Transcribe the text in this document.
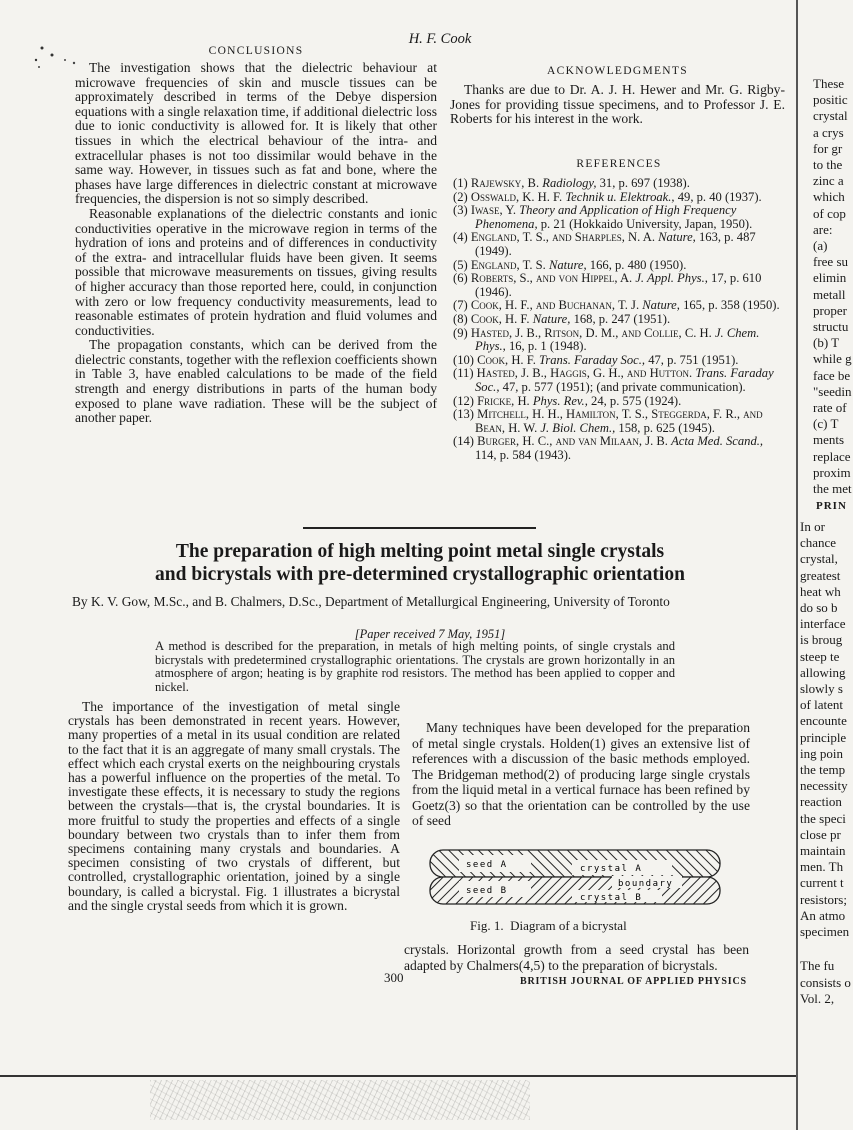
H. F. Cook
CONCLUSIONS

The investigation shows that the dielectric behaviour at microwave frequencies of skin and muscle tissues can be approximately described in terms of the Debye dispersion equations with a single relaxation time, if additional dielectric loss due to ionic conductivity is allowed for. It is likely that other tissues in which the electrical behaviour of the intra- and extracellular phases is not too dissimilar would behave in the same way. However, in tissues such as fat and bone, where the phases have large differences in dielectric constant at microwave frequencies, the dispersion is not so simply described.

Reasonable explanations of the dielectric constants and ionic conductivities operative in the microwave region in terms of the hydration of ions and proteins and of differences in conductivity of the extra- and intracellular fluids have been given. It seems possible that microwave measurements on tissues, giving results of higher accuracy than those reported here, could, in conjunction with zero or low frequency conductivity measurements, lead to reasonable estimates of protein hydration and fluid volumes and conductivities.

The propagation constants, which can be derived from the dielectric constants, together with the reflexion coefficients shown in Table 3, have enabled calculations to be made of the field strength and energy distributions in parts of the human body exposed to plane wave radiation. These will be the subject of another paper.

ACKNOWLEDGMENTS

Thanks are due to Dr. A. J. H. Hewer and Mr. G. Rigby-Jones for providing tissue specimens, and to Professor J. E. Roberts for his interest in the work.

REFERENCES

(1) Rajewsky, B. Radiology, 31, p. 697 (1938).

(2) Osswald, K. H. F. Technik u. Elektroak., 49, p. 40 (1937).

(3) Iwase, Y. Theory and Application of High Frequency Phenomena, p. 21 (Hokkaido University, Japan, 1950).

(4) England, T. S., and Sharples, N. A. Nature, 163, p. 487 (1949).

(5) England, T. S. Nature, 166, p. 480 (1950).

(6) Roberts, S., and von Hippel, A. J. Appl. Phys., 17, p. 610 (1946).

(7) Cook, H. F., and Buchanan, T. J. Nature, 165, p. 358 (1950).

(8) Cook, H. F. Nature, 168, p. 247 (1951).

(9) Hasted, J. B., Ritson, D. M., and Collie, C. H. J. Chem. Phys., 16, p. 1 (1948).

(10) Cook, H. F. Trans. Faraday Soc., 47, p. 751 (1951).

(11) Hasted, J. B., Haggis, G. H., and Hutton. Trans. Faraday Soc., 47, p. 577 (1951); (and private communication).

(12) Fricke, H. Phys. Rev., 24, p. 575 (1924).

(13) Mitchell, H. H., Hamilton, T. S., Steggerda, F. R., and Bean, H. W. J. Biol. Chem., 158, p. 625 (1945).

(14) Burger, H. C., and van Milaan, J. B. Acta Med. Scand., 114, p. 584 (1943).

The preparation of high melting point metal single crystals
and bicrystals with pre-determined crystallographic orientation
By K. V. Gow, M.Sc., and B. Chalmers, D.Sc., Department of Metallurgical Engineering, University of Toronto
[Paper received 7 May, 1951]
A method is described for the preparation, in metals of high melting points, of single crystals and bicrystals with predetermined crystallographic orientations. The crystals are grown horizontally in an atmosphere of argon; heating is by graphite rod resistors. The method has been applied to copper and nickel.

The importance of the investigation of metal single crystals has been demonstrated in recent years. However, many properties of a metal in its usual condition are related to the fact that it is an aggregate of many small crystals. The effect which each crystal exerts on the neighbouring crystals has a powerful influence on the properties of the metal. To investigate these effects, it is necessary to study the regions between the crystals—that is, the crystal boundaries. It is more fruitful to study the properties and effects of a single boundary between two crystals than to infer them from specimens containing many crystals and boundaries. A specimen consisting of two crystals of different, but controlled, crystallographic orientation, joined by a single boundary, is called a bicrystal. Fig. 1 illustrates a bicrystal and the single crystal seeds from which it is grown.

Many techniques have been developed for the preparation of metal single crystals. Holden(1) gives an extensive list of references with a discussion of the basic methods employed. The Bridgeman method(2) of producing large single crystals from the liquid metal in a vertical furnace has been refined by Goetz(3) so that the orientation can be controlled by the use of seed

seed A	crystal A
seed B
boundary
crystal B
Fig. 1.  Diagram of a bicrystal

crystals. Horizontal growth from a seed crystal has been adapted by Chalmers(4,5) to the preparation of bicrystals.

300	BRITISH JOURNAL OF APPLIED PHYSICS
These
positic
crystal
a crys
for gr
to the
zinc a
which
of cop
are:
(a)
free su
elimin
metall
proper
structu
(b) T
while g
face be
"seedin
rate of
(c) T
ments
replace
proxim
the met
PRIN
In or
chance
crystal,
greatest
heat wh
do so b
interface
is broug
steep te
allowing
slowly s
of latent
encounte
principle
ing poin
the temp
necessity
reaction
the speci
close pr
maintain
men. Th
current t
resistors;
An atmo
specimen
The fu
consists o
Vol. 2,
